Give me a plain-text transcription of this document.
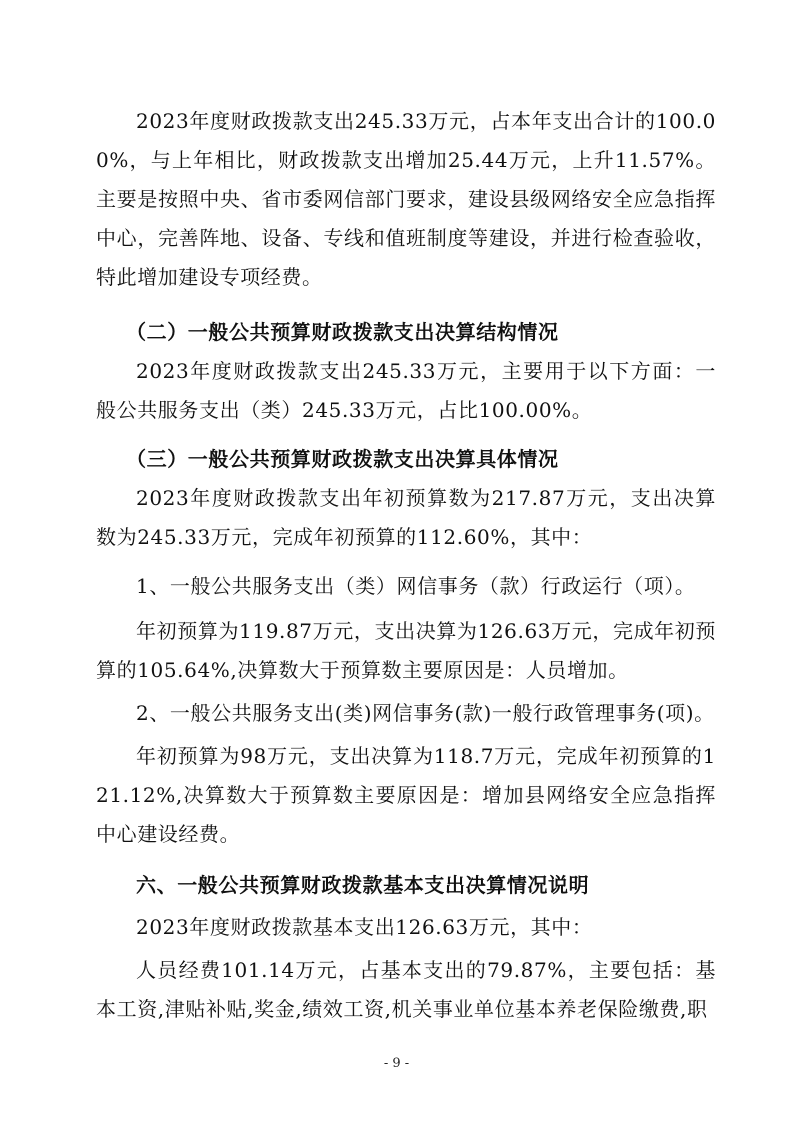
2023年度财政拨款支出245.33万元，占本年支出合计的100.00%，与上年相比，财政拨款支出增加25.44万元，上升11.57%。主要是按照中央、省市委网信部门要求，建设县级网络安全应急指挥中心，完善阵地、设备、专线和值班制度等建设，并进行检查验收，特此增加建设专项经费。

（二）一般公共预算财政拨款支出决算结构情况

2023年度财政拨款支出245.33万元，主要用于以下方面：一般公共服务支出（类）245.33万元，占比100.00%。

（三）一般公共预算财政拨款支出决算具体情况

2023年度财政拨款支出年初预算数为217.87万元，支出决算数为245.33万元，完成年初预算的112.60%，其中：

1、一般公共服务支出（类）网信事务（款）行政运行（项）。

年初预算为119.87万元，支出决算为126.63万元，完成年初预算的105.64%,决算数大于预算数主要原因是：人员增加。

2、一般公共服务支出(类)网信事务(款)一般行政管理事务(项)。

年初预算为98万元，支出决算为118.7万元，完成年初预算的121.12%,决算数大于预算数主要原因是：增加县网络安全应急指挥中心建设经费。

六、一般公共预算财政拨款基本支出决算情况说明

2023年度财政拨款基本支出126.63万元，其中：

人员经费101.14万元，占基本支出的79.87%，主要包括：基本工资,津贴补贴,奖金,绩效工资,机关事业单位基本养老保险缴费,职

- 9 -
